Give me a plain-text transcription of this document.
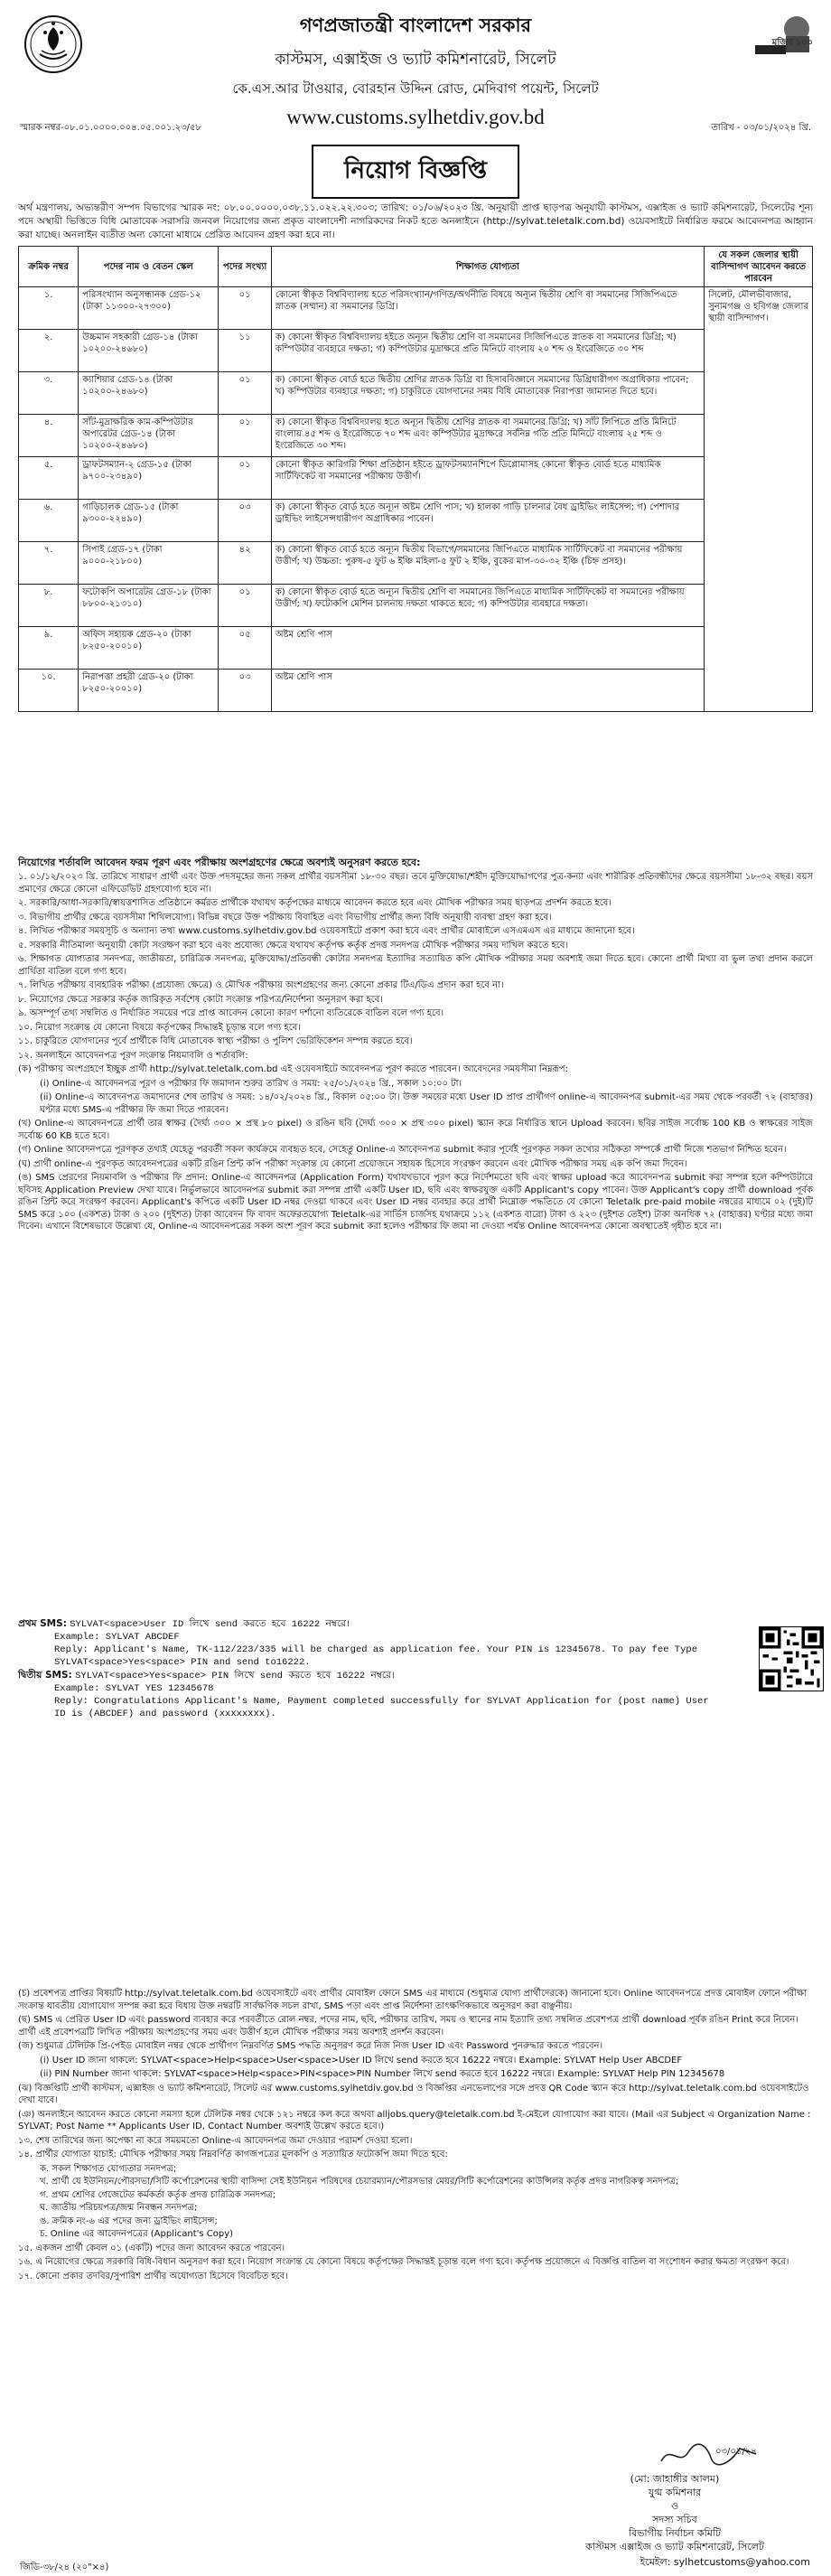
মুজিব ১০০
গণপ্রজাতন্ত্রী বাংলাদেশ সরকার
কাস্টমস, এক্সাইজ ও ভ্যাট কমিশনারেট, সিলেট
কে.এস.আর টাওয়ার, বোরহান উদ্দিন রোড, মেদিবাগ পয়েন্ট, সিলেট
www.customs.sylhetdiv.gov.bd
স্মারক নম্বর-০৮.০১.০০০০.০০৪.০৫.০০১.২৩/৫৮	তারিখ - ০৩/০১/২০২৪ খ্রি.
নিয়োগ বিজ্ঞপ্তি
অর্থ মন্ত্রণালয়, অভ্যন্তরীণ সম্পদ বিভাগের স্মারক নং: ০৮.০০.০০০০.০৩৮.১১.০২২.২২.৩০৩; তারিখ: ০১/০৬/২০২৩ খ্রি. অনুযায়ী প্রাপ্ত ছাড়পত্র অনুযায়ী কাস্টমস, এক্সাইজ ও ভ্যাট কমিশনারেট, সিলেটের শূন্য পদে অস্থায়ী ভিত্তিতে বিধি মোতাবেক সরাসরি জনবল নিয়োগের জন্য প্রকৃত বাংলাদেশী নাগরিকদের নিকট হতে অনলাইনে (http://sylvat.teletalk.com.bd) ওয়েবসাইটে নির্ধারিত ফরমে আবেদনপত্র আহ্বান করা যাচ্ছে। অনলাইন ব্যতীত অন্য কোনো মাধ্যমে প্রেরিত আবেদন গ্রহণ করা হবে না।
ক্রমিক নম্বর	পদের নাম ও বেতন স্কেল	পদের সংখ্যা	শিক্ষাগত যোগ্যতা	যে সকল জেলার স্থায়ী বাসিন্দাগণ আবেদন করতে পারবেন
১.	পরিসংখ্যান অনুসন্ধানক গ্রেড-১২ (টাকা ১১৩০০-২৭৩০০)	০১	কোনো স্বীকৃত বিশ্ববিদ্যালয় হতে পরিসংখ্যান/গণিত/অর্থনীতি বিষয়ে অন্যূন দ্বিতীয় শ্রেণি বা সমমানের সিজিপিএতে স্নাতক (সম্মান) বা সমমানের ডিগ্রি।	সিলেট, মৌলভীবাজার, সুনামগঞ্জ ও হবিগঞ্জ জেলার স্থায়ী বাসিন্দাগণ।
২.	উচ্চমান সহকারী গ্রেড-১৪ (টাকা ১০২০০-২৪৬৮০)	১১	ক) কোনো স্বীকৃত বিশ্ববিদ্যালয় হইতে অন্যূন দ্বিতীয় শ্রেণি বা সমমানের সিজিপিএতে স্নাতক বা সমমানের ডিগ্রি; খ) কম্পিউটার ব্যবহারে দক্ষতা; গ) কম্পিউটার মুদ্রাক্ষরে প্রতি মিনিটে বাংলায় ২০ শব্দ ও ইংরেজিতে ৩০ শব্দ	
৩.	ক্যাশিয়ার গ্রেড-১৪ (টাকা ১০২০০-২৪৬৮০)	০১	ক) কোনো স্বীকৃত বোর্ড হতে দ্বিতীয় শ্রেণির স্নাতক ডিগ্রি বা হিসাববিজ্ঞানে সমমানের ডিগ্রিধারীগণ অগ্রাধিকার পাবেন; খ) কম্পিউটার ব্যবহারে দক্ষতা; গ) চাকুরিতে যোগদানের সময় বিধি মোতাবেক নিরাপত্তা জামানত দিতে হবে।	
৪.	সাঁট-মুদ্রাক্ষরিক কাম-কম্পিউটার অপারেটর গ্রেড-১৪ (টাকা ১০২০০-২৪৬৮০)	০১	ক) কোনো স্বীকৃত বিশ্ববিদ্যালয় হতে অন্যূন দ্বিতীয় শ্রেণির স্নাতক বা সমমানের ডিগ্রি; খ) সাঁট লিপিতে প্রতি মিনিটে বাংলায় ৪৫ শব্দ ও ইংরেজিতে ৭০ শব্দ এবং কম্পিউটার মুদ্রাক্ষরে সর্বনিম্ন গতি প্রতি মিনিটে বাংলায় ২৫ শব্দ ও ইংরেজিতে ৩০ শব্দ।	
৫.	ড্রাফটসম্যান-২ গ্রেড-১৫ (টাকা ৯৭০০-২৩৪৯০)	০১	কোনো স্বীকৃত কারিগরি শিক্ষা প্রতিষ্ঠান হইতে ড্রাফটসম্যানশিপে ডিপ্লোমাসহ কোনো স্বীকৃত বোর্ড হতে মাধ্যমিক সার্টিফিকেট বা সমমানের পরীক্ষায় উত্তীর্ণ।	
৬.	গাড়িচালক গ্রেড-১৫ (টাকা ৯৩০০-২২৪৯০)	০৩	ক) কোনো স্বীকৃত বোর্ড হতে অন্যূন অষ্টম শ্রেণি পাস; খ) হালকা গাড়ি চালনার বৈধ ড্রাইভিং লাইসেন্স; গ) পেশাদার ড্রাইভিং লাইসেন্সধারীগণ অগ্রাধিকার পাবেন।	
৭.	সিপাই গ্রেড-১৭ (টাকা ৯০০০-২১৮০০)	৪২	ক) কোনো স্বীকৃত বোর্ড হতে অন্যূন দ্বিতীয় বিভাগে/সমমানের জিপিএতে মাধ্যমিক সার্টিফিকেট বা সমমানের পরীক্ষায় উত্তীর্ণ; খ) উচ্চতা: পুরুষ-৫ ফুট ৬ ইঞ্চি মহিলা-৫ ফুট ২ ইঞ্চি, বুকের মাপ-৩০-৩২ ইঞ্চি (চিহ্ন প্রসহ)।	
৮.	ফটোকপি অপারেটর গ্রেড-১৮ (টাকা ৮৮০০-২১৩১০)	০১	ক) কোনো স্বীকৃত বোর্ড হতে অন্যূন দ্বিতীয় শ্রেণি বা সমমানের জিপিএতে মাধ্যমিক সার্টিফিকেট বা সমমানের পরীক্ষায় উত্তীর্ণ; খ) ফটোকপি মেশিন চালনায় দক্ষতা থাকতে হবে; গ) কম্পিউটার ব্যবহারে দক্ষতা।	
৯.	অফিস সহায়ক গ্রেড-২০ (টাকা ৮২৫০-২০০১০)	০৫	অষ্টম শ্রেণি পাস	
১০.	নিরাপত্তা প্রহরী গ্রেড-২০ (টাকা ৮২৫০-২০০১০)	০৩	অষ্টম শ্রেণি পাস	
নিয়োগের শর্তাবলি আবেদন ফরম পূরণ এবং পরীক্ষায় অংশগ্রহণের ক্ষেত্রে অবশ্যই অনুসরণ করতে হবে:

১. ০১/১২/২০২৩ খ্রি. তারিখে সাধারণ প্রার্থী এবং উক্ত পদসমূহের জন্য সকল প্রার্থীর বয়সসীমা ১৮-৩০ বছর। তবে মুক্তিযোদ্ধা/শহীদ মুক্তিযোদ্ধাগণের পুত্র-কন্যা এবং শারীরিক প্রতিবন্ধীদের ক্ষেত্রে বয়সসীমা ১৮-৩২ বছর। বয়স প্রমাণের ক্ষেত্রে কোনো এফিডেভিট গ্রহণযোগ্য হবে না।

২. সরকারি/আধা-সরকারি/স্বায়ত্তশাসিত প্রতিষ্ঠানে কর্মরত প্রার্থীকে যথাযথ কর্তৃপক্ষের মাধ্যমে আবেদন করতে হবে এবং মৌখিক পরীক্ষার সময় ছাড়পত্র প্রদর্শন করতে হবে।

৩. বিভাগীয় প্রার্থীর ক্ষেত্রে বয়সসীমা শিথিলযোগ্য। বিভিন্ন বছরে উক্ত পরীক্ষায় বিবাহিত এবং বিভাগীয় প্রার্থীর জন্য বিধি অনুযায়ী ব্যবস্থা গ্রহণ করা হবে।

৪. লিখিত পরীক্ষার সময়সূচি ও অন্যান্য তথ্য www.customs.sylhetdiv.gov.bd ওয়েবসাইটে প্রকাশ করা হবে এবং প্রার্থীর মোবাইলে এসএমএস এর মাধ্যমে জানানো হবে।

৫. সরকারি নীতিমালা অনুযায়ী কোটা সংরক্ষণ করা হবে এবং প্রযোজ্য ক্ষেত্রে যথাযথ কর্তৃপক্ষ কর্তৃক প্রদত্ত সনদপত্র মৌখিক পরীক্ষার সময় দাখিল করতে হবে।

৬. শিক্ষাগত যোগ্যতার সনদপত্র, জাতীয়তা, চারিত্রিক সনদপত্র, মুক্তিযোদ্ধা/প্রতিবন্ধী কোটার সনদপত্র ইত্যাদির সত্যায়িত কপি মৌখিক পরীক্ষার সময় অবশ্যই জমা দিতে হবে। কোনো প্রার্থী মিথ্যা বা ভুল তথ্য প্রদান করলে প্রার্থিতা বাতিল বলে গণ্য হবে।

৭. লিখিত পরীক্ষায় ব্যবহারিক পরীক্ষা (প্রযোজ্য ক্ষেত্রে) ও মৌখিক পরীক্ষায় অংশগ্রহণের জন্য কোনো প্রকার টিএ/ডিএ প্রদান করা হবে না।

৮. নিয়োগের ক্ষেত্রে সরকার কর্তৃক জারিকৃত সর্বশেষ কোটা সংক্রান্ত পরিপত্র/নির্দেশনা অনুসরণ করা হবে।

৯. অসম্পূর্ণ তথ্য সম্বলিত ও নির্ধারিত সময়ের পরে প্রাপ্ত আবেদন কোনো কারণ দর্শানো ব্যতিরেকে বাতিল বলে গণ্য হবে।

১০. নিয়োগ সংক্রান্ত যে কোনো বিষয়ে কর্তৃপক্ষের সিদ্ধান্তই চূড়ান্ত বলে গণ্য হবে।

১১. চাকুরিতে যোগদানের পূর্বে প্রার্থীকে বিধি মোতাবেক স্বাস্থ্য পরীক্ষা ও পুলিশ ভেরিফিকেশন সম্পন্ন করতে হবে।

১২. অনলাইনে আবেদনপত্র পূরণ সংক্রান্ত নিয়মাবলি ও শর্তাবলি:

(ক) পরীক্ষায় অংশগ্রহণে ইচ্ছুক প্রার্থী http://sylvat.teletalk.com.bd এই ওয়েবসাইটে আবেদনপত্র পূরণ করতে পারবেন। আবেদনের সময়সীমা নিম্নরূপ:

(i) Online-এ আবেদনপত্র পূরণ ও পরীক্ষার ফি জমাদান শুরুর তারিখ ও সময়: ২৫/০১/২০২৪ খ্রি., সকাল ১০:০০ টা।

(ii) Online-এ আবেদনপত্র জমাদানের শেষ তারিখ ও সময়: ১৪/০২/২০২৪ খ্রি., বিকাল ০৫:০০ টা। উক্ত সময়ের মধ্যে User ID প্রাপ্ত প্রার্থীগণ online-এ আবেদনপত্র submit-এর সময় থেকে পরবর্তী ৭২ (বাহাত্তর) ঘণ্টার মধ্যে SMS-এ পরীক্ষার ফি জমা দিতে পারবেন।

(খ) Online-এ আবেদনপত্রে প্রার্থী তার স্বাক্ষর (দৈর্ঘ্য ৩০০ × প্রস্থ ৮০ pixel) ও রঙিন ছবি (দৈর্ঘ্য ৩০০ × প্রস্থ ৩০০ pixel) স্ক্যান করে নির্ধারিত স্থানে Upload করবেন। ছবির সাইজ সর্বোচ্চ 100 KB ও স্বাক্ষরের সাইজ সর্বোচ্চ 60 KB হতে হবে।

(গ) Online আবেদনপত্রে পূরণকৃত তথ্যই যেহেতু পরবর্তী সকল কার্যক্রমে ব্যবহৃত হবে, সেহেতু Online-এ আবেদনপত্র submit করার পূর্বেই পূরণকৃত সকল তথ্যের সঠিকতা সম্পর্কে প্রার্থী নিজে শতভাগ নিশ্চিত হবেন।

(ঘ) প্রার্থী online-এ পূরণকৃত আবেদনপত্রের একটি রঙিন প্রিন্ট কপি পরীক্ষা সংক্রান্ত যে কোনো প্রয়োজনে সহায়ক হিসেবে সংরক্ষণ করবেন এবং মৌখিক পরীক্ষার সময় এক কপি জমা দিবেন।

(ঙ) SMS প্রেরণের নিয়মাবলি ও পরীক্ষার ফি প্রদান: Online-এ আবেদনপত্র (Application Form) যথাযথভাবে পূরণ করে নির্দেশমতো ছবি এবং স্বাক্ষর upload করে আবেদনপত্র submit করা সম্পন্ন হলে কম্পিউটারে ছবিসহ Application Preview দেখা যাবে। নির্ভুলভাবে আবেদনপত্র submit করা সম্পন্ন প্রার্থী একটি User ID, ছবি এবং স্বাক্ষরযুক্ত একটি Applicant's copy পাবেন। উক্ত Applicant's copy প্রার্থী download পূর্বক রঙিন প্রিন্ট করে সংরক্ষণ করবেন। Applicant's কপিতে একটি User ID নম্বর দেওয়া থাকবে এবং User ID নম্বর ব্যবহার করে প্রার্থী নিম্নোক্ত পদ্ধতিতে যে কোনো Teletalk pre-paid mobile নম্বরের মাধ্যমে ০২ (দুই)টি SMS করে ১০০ (একশত) টাকা ও ২০০ (দুইশত) টাকা আবেদন ফি বাবদ অফেরতযোগ্য Teletalk-এর সার্ভিস চার্জসহ যথাক্রমে ১১২ (একশত বারো) টাকা ও ২২৩ (দুইশত তেইশ) টাকা অনধিক ৭২ (বাহাত্তর) ঘণ্টার মধ্যে জমা দিবেন। এখানে বিশেষভাবে উল্লেখ্য যে, Online-এ আবেদনপত্রের সকল অংশ পূরণ করে submit করা হলেও পরীক্ষার ফি জমা না দেওয়া পর্যন্ত Online আবেদনপত্র কোনো অবস্থাতেই গৃহীত হবে না।

প্রথম SMS: SYLVAT<space>User ID লিখে send করতে হবে 16222 নম্বরে।
Example: SYLVAT ABCDEF
Reply: Applicant's Name, TK-112/223/335 will be charged as application fee. Your PIN is 12345678. To pay fee Type SYLVAT<space>Yes<space> PIN and send to16222.
দ্বিতীয় SMS: SYLVAT<space>Yes<space> PIN লিখে send করতে হবে 16222 নম্বরে।
Example: SYLVAT YES 12345678
Reply: Congratulations Applicant's Name, Payment completed successfully for SYLVAT Application for (post name) User ID is (ABCDEF) and password (xxxxxxxx).

(চ) প্রবেশপত্র প্রাপ্তির বিষয়টি http://sylvat.teletalk.com.bd ওয়েবসাইটে এবং প্রার্থীর মোবাইল ফোনে SMS এর মাধ্যমে (শুধুমাত্র যোগ্য প্রার্থীদেরকে) জানানো হবে। Online আবেদনপত্রে প্রদত্ত মোবাইল ফোনে পরীক্ষা সংক্রান্ত যাবতীয় যোগাযোগ সম্পন্ন করা হবে বিধায় উক্ত নম্বরটি সার্বক্ষণিক সচল রাখা, SMS পড়া এবং প্রাপ্ত নির্দেশনা তাৎক্ষণিকভাবে অনুসরণ করা বাঞ্ছনীয়।

(ছ) SMS এ প্রেরিত User ID এবং password ব্যবহার করে পরবর্তীতে রোল নম্বর, পদের নাম, ছবি, পরীক্ষার তারিখ, সময় ও স্থানের নাম ইত্যাদি তথ্য সম্বলিত প্রবেশপত্র প্রার্থী download পূর্বক রঙিন Print করে নিবেন। প্রার্থী এই প্রবেশপত্রটি লিখিত পরীক্ষায় অংশগ্রহণের সময় এবং উত্তীর্ণ হলে মৌখিক পরীক্ষার সময় অবশ্যই প্রদর্শন করবেন।

(জ) শুধুমাত্র টেলিটক প্রি-পেইড মোবাইল নম্বর থেকে প্রার্থীগণ নিম্নবর্ণিত SMS পদ্ধতি অনুসরণ করে নিজ নিজ User ID এবং Password পুনরুদ্ধার করতে পারবেন।

(i) User ID জানা থাকলে: SYLVAT<space>Help<space>User<space>User ID লিখে send করতে হবে 16222 নম্বরে। Example: SYLVAT Help User ABCDEF

(ii) PIN Number জানা থাকলে: SYLVAT<space>Help<space>PIN<space>PIN Number লিখে send করতে হবে 16222 নম্বরে। Example: SYLVAT Help PIN 12345678

(ঝ) বিজ্ঞপ্তিটি প্রার্থী কাস্টমস, এক্সাইজ ও ভ্যাট কমিশনারেট, সিলেট এর www.customs.sylhetdiv.gov.bd ও বিজ্ঞপ্তির এনভেলাপের সঙ্গে প্রদত্ত QR Code স্ক্যান করে http://sylvat.teletalk.com.bd ওয়েবসাইটেও দেখা যাবে।

(ঞ) অনলাইনে আবেদন করতে কোনো সমস্যা হলে টেলিটক নম্বর থেকে ১২১ নম্বরে কল করে অথবা alljobs.query@teletalk.com.bd ই-মেইলে যোগাযোগ করা যাবে। (Mail এর Subject এ Organization Name : SYLVAT; Post Name ** Applicants User ID, Contact Number অবশ্যই উল্লেখ করতে হবে।)

১৩. শেষ তারিখের জন্য অপেক্ষা না করে সময়মতো Online-এ আবেদনপত্র জমা দেওয়ার পরামর্শ দেওয়া হলো।

১৪. প্রার্থীর যোগ্যতা যাচাই: মৌখিক পরীক্ষার সময় নিম্নবর্ণিত কাগজপত্রের মূলকপি ও সত্যায়িত ফটোকপি জমা দিতে হবে:

ক. সকল শিক্ষাগত যোগ্যতার সনদপত্র;

খ. প্রার্থী যে ইউনিয়ন/পৌরসভা/সিটি কর্পোরেশনের স্থায়ী বাসিন্দা সেই ইউনিয়ন পরিষদের চেয়ারম্যান/পৌরসভার মেয়র/সিটি কর্পোরেশনের কাউন্সিলর কর্তৃক প্রদত্ত নাগরিকত্ব সনদপত্র;

গ. প্রথম শ্রেণির গেজেটেড কর্মকর্তা কর্তৃক প্রদত্ত চারিত্রিক সনদপত্র;

ঘ. জাতীয় পরিচয়পত্র/জন্ম নিবন্ধন সনদপত্র;

ঙ. ক্রমিক নং-৬ এর পদের জন্য ড্রাইভিং লাইসেন্স;

চ. Online এর আবেদনপত্রের (Applicant's Copy)

১৫. একজন প্রার্থী কেবল ০১ (একটি) পদের জন্য আবেদন করতে পারবেন।

১৬. এ নিয়োগের ক্ষেত্রে সরকারি বিধি-বিধান অনুসরণ করা হবে। নিয়োগ সংক্রান্ত যে কোনো বিষয়ে কর্তৃপক্ষের সিদ্ধান্তই চূড়ান্ত বলে গণ্য হবে। কর্তৃপক্ষ প্রয়োজনে এ বিজ্ঞপ্তি বাতিল বা সংশোধন করার ক্ষমতা সংরক্ষণ করে।

১৭. কোনো প্রকার তদবির/সুপারিশ প্রার্থীর অযোগ্যতা হিসেবে বিবেচিত হবে।

০৩/০১/২৪
(মো: জাহাঙ্গীর আলম)
যুগ্ম কমিশনার
ও
সদস্য সচিব
বিভাগীয় নির্বাচন কমিটি
কাস্টমস এক্সাইজ ও ভ্যাট কমিশনারেট, সিলেট
ইমেইল: sylhetcustoms@yahoo.com
জিডি-৩৮/২৪ (২০"×৪)
